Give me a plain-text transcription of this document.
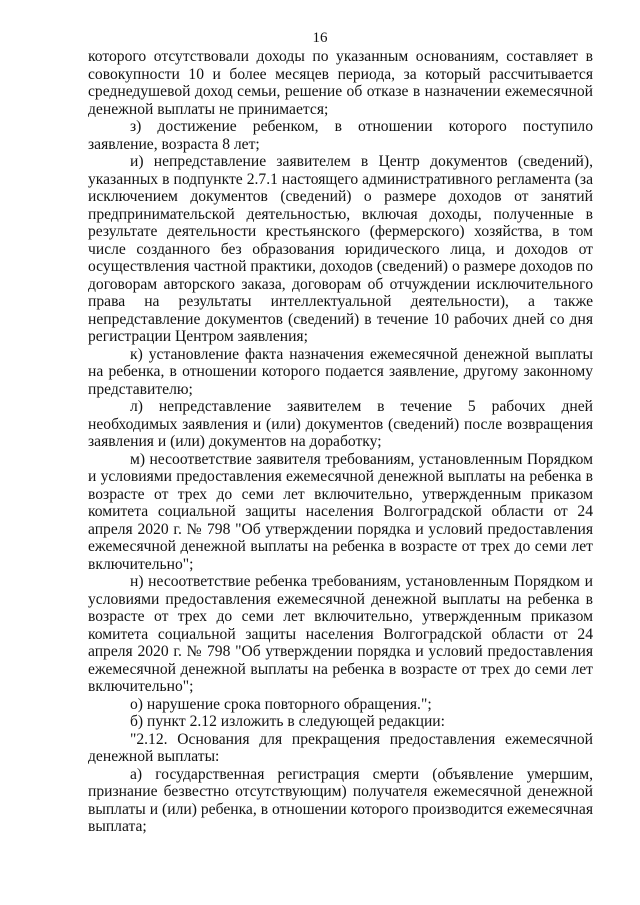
16

которого отсутствовали доходы по указанным основаниям, составляет в совокупности 10 и более месяцев периода, за который рассчитывается среднедушевой доход семьи, решение об отказе в назначении ежемесячной денежной выплаты не принимается;

з) достижение ребенком, в отношении которого поступило заявление, возраста 8 лет;

и) непредставление заявителем в Центр документов (сведений), указанных в подпункте 2.7.1 настоящего административного регламента (за исключением документов (сведений) о размере доходов от занятий предпринимательской деятельностью, включая доходы, полученные в результате деятельности крестьянского (фермерского) хозяйства, в том числе созданного без образования юридического лица, и доходов от осуществления частной практики, доходов (сведений) о размере доходов по договорам авторского заказа, договорам об отчуждении исключительного права на результаты интеллектуальной деятельности), а также непредставление документов (сведений) в течение 10 рабочих дней со дня регистрации Центром заявления;

к) установление факта назначения ежемесячной денежной выплаты на ребенка, в отношении которого подается заявление, другому законному представителю;

л) непредставление заявителем в течение 5 рабочих дней необходимых заявления и (или) документов (сведений) после возвращения заявления и (или) документов на доработку;

м) несоответствие заявителя требованиям, установленным Порядком и условиями предоставления ежемесячной денежной выплаты на ребенка в возрасте от трех до семи лет включительно, утвержденным приказом комитета социальной защиты населения Волгоградской области от 24 апреля 2020 г. № 798 "Об утверждении порядка и условий предоставления ежемесячной денежной выплаты на ребенка в возрасте от трех до семи лет включительно";

н) несоответствие ребенка требованиям, установленным Порядком и условиями предоставления ежемесячной денежной выплаты на ребенка в возрасте от трех до семи лет включительно, утвержденным приказом комитета социальной защиты населения Волгоградской области от 24 апреля 2020 г. № 798 "Об утверждении порядка и условий предоставления ежемесячной денежной выплаты на ребенка в возрасте от трех до семи лет включительно";

о) нарушение срока повторного обращения.";

б) пункт 2.12 изложить в следующей редакции:

"2.12. Основания для прекращения предоставления ежемесячной денежной выплаты:

а) государственная регистрация смерти (объявление умершим, признание безвестно отсутствующим) получателя ежемесячной денежной выплаты и (или) ребенка, в отношении которого производится ежемесячная выплата;
